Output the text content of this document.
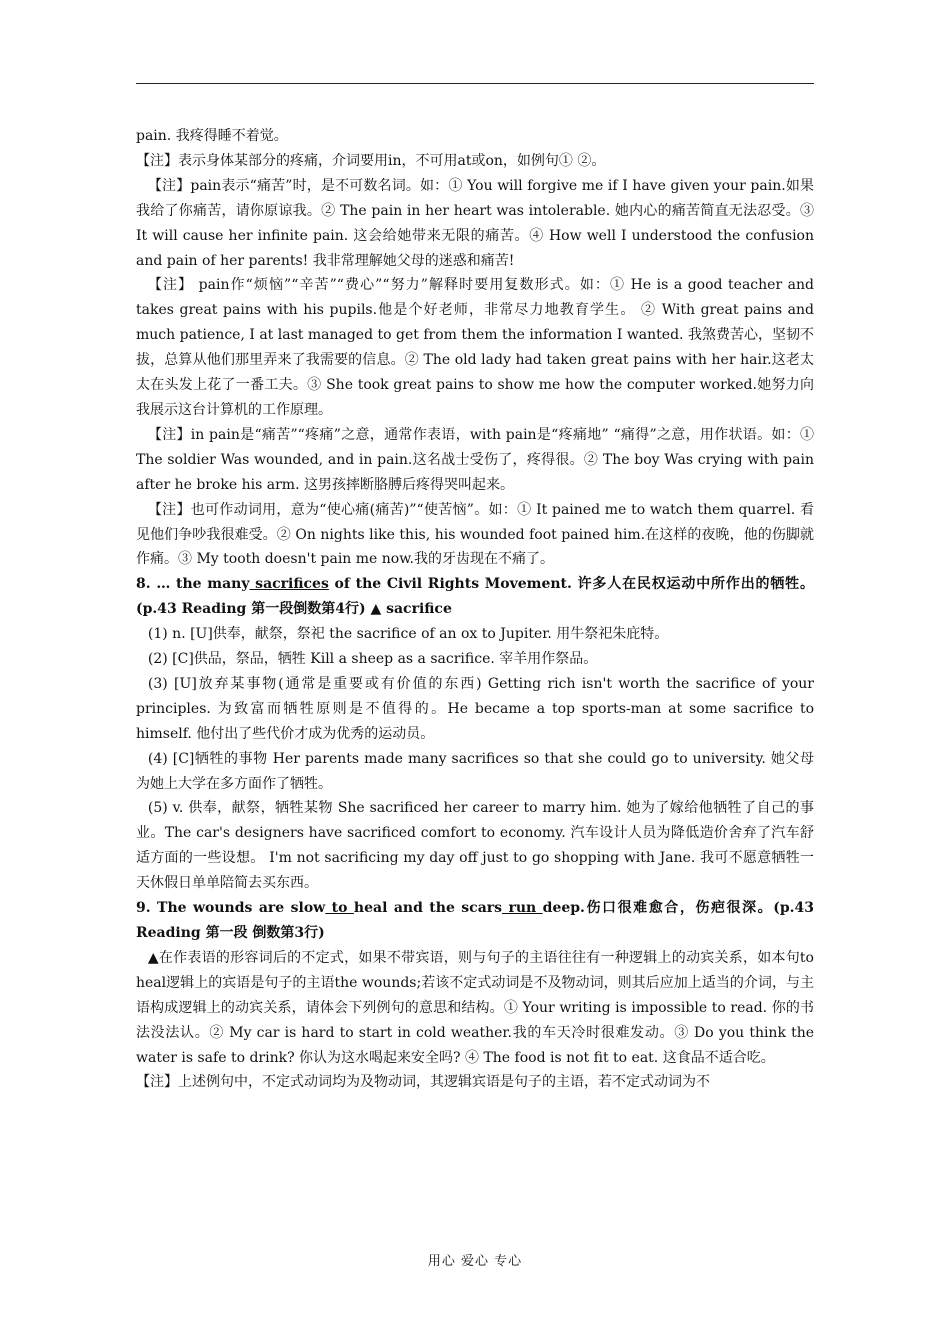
pain. 我疼得睡不着觉。

【注】表示身体某部分的疼痛，介词要用in，不可用at或on，如例句① ②。

【注】pain表示“痛苦”时，是不可数名词。如：① You will forgive me if I have given your pain.如果我给了你痛苦，请你原谅我。② The pain in her heart was intolerable. 她内心的痛苦简直无法忍受。③ It will cause her infinite pain. 这会给她带来无限的痛苦。④ How well I understood the confusion and pain of her parents! 我非常理解她父母的迷惑和痛苦!

【注】 pain作“烦恼”“辛苦”“费心”“努力”解释时要用复数形式。如：① He is a good teacher and takes great pains with his pupils.他是个好老师，非常尽力地教育学生。 ② With great pains and much patience, I at last managed to get from them the information I wanted. 我煞费苦心，坚韧不拔，总算从他们那里弄来了我需要的信息。② The old lady had taken great pains with her hair.这老太太在头发上花了一番工夫。③ She took great pains to show me how the computer worked.她努力向我展示这台计算机的工作原理。

【注】in pain是“痛苦”“疼痛”之意，通常作表语，with pain是“疼痛地” “痛得”之意，用作状语。如：① The soldier Was wounded, and in pain.这名战士受伤了，疼得很。② The boy Was crying with pain after he broke his arm. 这男孩摔断胳膊后疼得哭叫起来。

【注】也可作动词用，意为“使心痛(痛苦)”“使苦恼”。如：① It pained me to watch them quarrel. 看见他们争吵我很难受。② On nights like this, his wounded foot pained him.在这样的夜晚，他的伤脚就作痛。③ My tooth doesn't pain me now.我的牙齿现在不痛了。

8. … the many sacrifices of the Civil Rights Movement. 许多人在民权运动中所作出的牺牲。(p.43 Reading 第一段倒数第4行) ▲ sacrifice

(1) n. [U]供奉，献祭，祭祀 the sacrifice of an ox to Jupiter. 用牛祭祀朱庇特。

(2) [C]供品，祭品，牺牲 Kill a sheep as a sacrifice. 宰羊用作祭品。

(3) [U]放弃某事物(通常是重要或有价值的东西) Getting rich isn't worth the sacrifice of your principles. 为致富而牺牲原则是不值得的。He became a top sports-man at some sacrifice to himself. 他付出了些代价才成为优秀的运动员。

(4) [C]牺牲的事物 Her parents made many sacrifices so that she could go to university. 她父母为她上大学在多方面作了牺牲。

(5) v. 供奉，献祭，牺牲某物 She sacrificed her career to marry him. 她为了嫁给他牺牲了自己的事业。The car's designers have sacrificed comfort to economy. 汽车设计人员为降低造价舍弃了汽车舒适方面的一些设想。 I'm not sacrificing my day off just to go shopping with Jane. 我可不愿意牺牲一天休假日单单陪简去买东西。

9. The wounds are slow to heal and the scars run deep.伤口很难愈合，伤疤很深。(p.43 Reading 第一段 倒数第3行)

▲在作表语的形容词后的不定式，如果不带宾语，则与句子的主语往往有一种逻辑上的动宾关系，如本句to heal逻辑上的宾语是句子的主语the wounds;若该不定式动词是不及物动词，则其后应加上适当的介词，与主语构成逻辑上的动宾关系，请体会下列例句的意思和结构。① Your writing is impossible to read. 你的书法没法认。② My car is hard to start in cold weather.我的车天冷时很难发动。③ Do you think the water is safe to drink? 你认为这水喝起来安全吗? ④ The food is not fit to eat. 这食品不适合吃。

【注】上述例句中，不定式动词均为及物动词，其逻辑宾语是句子的主语，若不定式动词为不

用心 爱心 专心
